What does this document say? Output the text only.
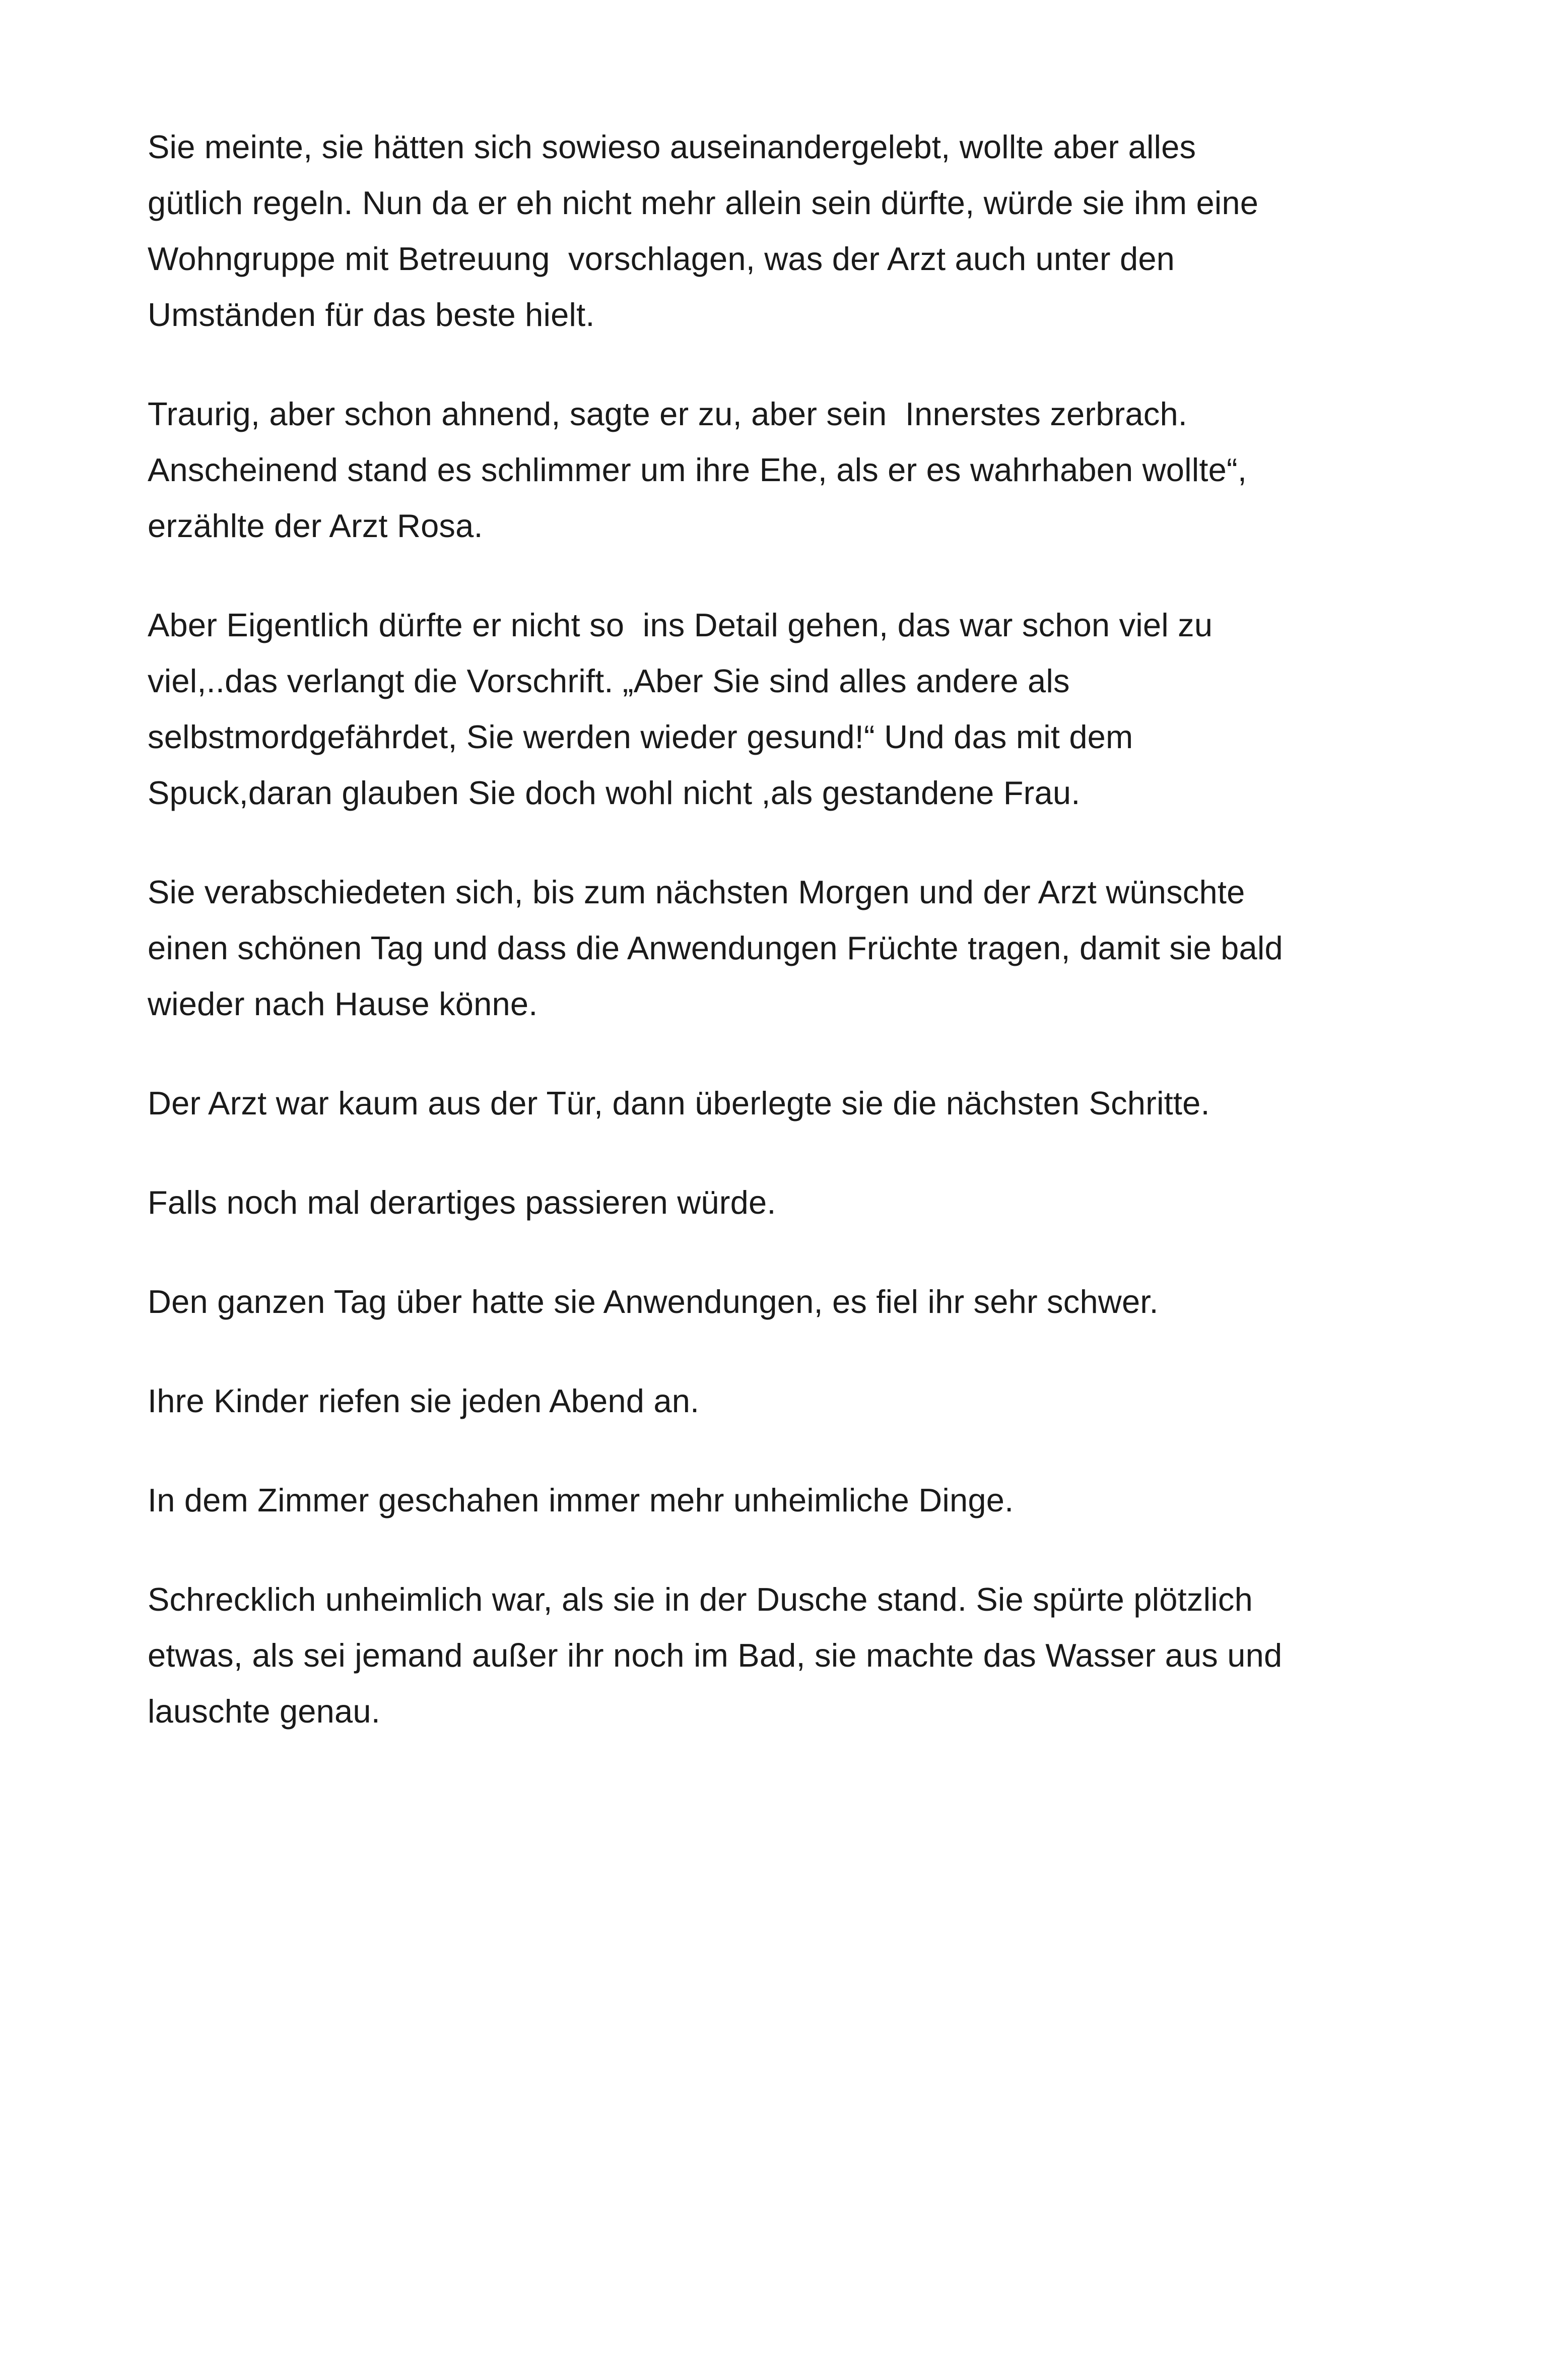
Sie meinte, sie hätten sich sowieso auseinandergelebt, wollte aber alles
gütlich regeln. Nun da er eh nicht mehr allein sein dürfte, würde sie ihm eine
Wohngruppe mit Betreuung  vorschlagen, was der Arzt auch unter den
Umständen für das beste hielt.

Traurig, aber schon ahnend, sagte er zu, aber sein  Innerstes zerbrach.
Anscheinend stand es schlimmer um ihre Ehe, als er es wahrhaben wollte“,
erzählte der Arzt Rosa.

Aber Eigentlich dürfte er nicht so  ins Detail gehen, das war schon viel zu
viel,..das verlangt die Vorschrift. „Aber Sie sind alles andere als
selbstmordgefährdet, Sie werden wieder gesund!“ Und das mit dem
Spuck,daran glauben Sie doch wohl nicht ,als gestandene Frau.

Sie verabschiedeten sich, bis zum nächsten Morgen und der Arzt wünschte
einen schönen Tag und dass die Anwendungen Früchte tragen, damit sie bald
wieder nach Hause könne.

Der Arzt war kaum aus der Tür, dann überlegte sie die nächsten Schritte.

Falls noch mal derartiges passieren würde.

Den ganzen Tag über hatte sie Anwendungen, es fiel ihr sehr schwer.

Ihre Kinder riefen sie jeden Abend an.

In dem Zimmer geschahen immer mehr unheimliche Dinge.

Schrecklich unheimlich war, als sie in der Dusche stand. Sie spürte plötzlich
etwas, als sei jemand außer ihr noch im Bad, sie machte das Wasser aus und
lauschte genau.
